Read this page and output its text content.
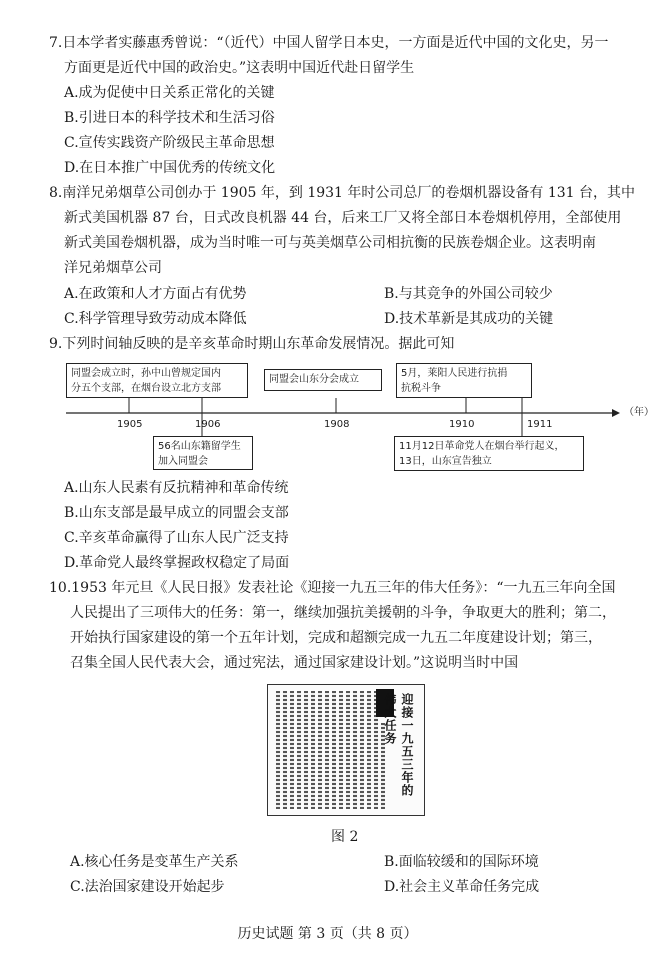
7.日本学者实藤惠秀曾说：“（近代）中国人留学日本史，一方面是近代中国的文化史，另一
方面更是近代中国的政治史。”这表明中国近代赴日留学生
A.成为促使中日关系正常化的关键
B.引进日本的科学技术和生活习俗
C.宣传实践资产阶级民主革命思想
D.在日本推广中国优秀的传统文化
8.南洋兄弟烟草公司创办于 1905 年，到 1931 年时公司总厂的卷烟机器设备有 131 台，其中
新式美国机器 87 台，日式改良机器 44 台，后来工厂又将全部日本卷烟机停用，全部使用
新式美国卷烟机器，成为当时唯一可与英美烟草公司相抗衡的民族卷烟企业。这表明南
洋兄弟烟草公司
A.在政策和人才方面占有优势	B.与其竞争的外国公司较少
C.科学管理导致劳动成本降低	D.技术革新是其成功的关键
9.下列时间轴反映的是辛亥革命时期山东革命发展情况。据此可知
同盟会成立时，孙中山曾规定国内
分五个支部，在烟台设立北方支部
同盟会山东分会成立
5月，莱阳人民进行抗捐
抗税斗争
1905	1906	1908	1910	1911
（年）
56名山东籍留学生
加入同盟会
11月12日革命党人在烟台举行起义，
13日，山东宣告独立
A.山东人民素有反抗精神和革命传统
B.山东支部是最早成立的同盟会支部
C.辛亥革命赢得了山东人民广泛支持
D.革命党人最终掌握政权稳定了局面
10.1953 年元旦《人民日报》发表社论《迎接一九五三年的伟大任务》：“一九五三年向全国
人民提出了三项伟大的任务：第一，继续加强抗美援朝的斗争，争取更大的胜利；第二，
开始执行国家建设的第一个五年计划，完成和超额完成一九五二年度建设计划；第三，
召集全国人民代表大会，通过宪法，通过国家建设计划。”这说明当时中国
迎接一九五三年的伟大任务
图 2
A.核心任务是变革生产关系	B.面临较缓和的国际环境
C.法治国家建设开始起步	D.社会主义革命任务完成
历史试题 第 3 页（共 8 页）
